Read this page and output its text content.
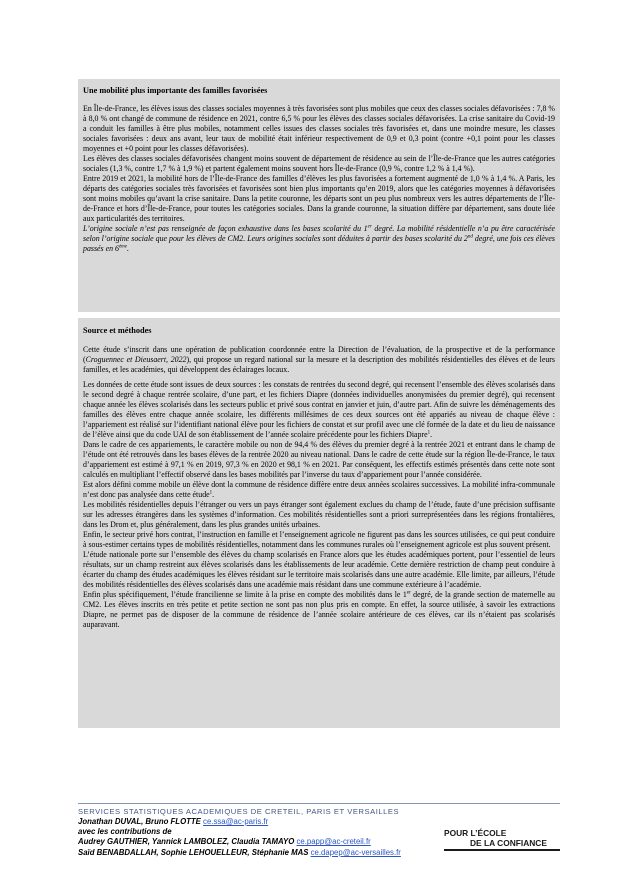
Une mobilité plus importante des familles favorisées

En Île-de-France, les élèves issus des classes sociales moyennes à très favorisées sont plus mobiles que ceux des classes sociales défavorisées : 7,8 % à 8,0 % ont changé de commune de résidence en 2021, contre 6,5 % pour les élèves des classes sociales défavorisées. La crise sanitaire du Covid-19 a conduit les familles à être plus mobiles, notamment celles issues des classes sociales très favorisées et, dans une moindre mesure, les classes sociales favorisées : deux ans avant, leur taux de mobilité était inférieur respectivement de 0,9 et 0,3 point (contre +0,1 point pour les classes moyennes et +0 point pour les classes défavorisées).

Les élèves des classes sociales défavorisées changent moins souvent de département de résidence au sein de l’Île-de-France que les autres catégories sociales (1,3 %, contre 1,7 % à 1,9 %) et partent également moins souvent hors Île-de-France (0,9 %, contre 1,2 % à 1,4 %).

Entre 2019 et 2021, la mobilité hors de l’Île-de-France des familles d’élèves les plus favorisées a fortement augmenté de 1,0 % à 1,4 %. A Paris, les départs des catégories sociales très favorisées et favorisées sont bien plus importants qu’en 2019, alors que les catégories moyennes à défavorisées sont moins mobiles qu’avant la crise sanitaire. Dans la petite couronne, les départs sont un peu plus nombreux vers les autres départements de l’Île-de-France et hors d’Île-de-France, pour toutes les catégories sociales. Dans la grande couronne, la situation diffère par département, sans doute liée aux particularités des territoires.

L’origine sociale n’est pas renseignée de façon exhaustive dans les bases scolarité du 1er degré. La mobilité résidentielle n’a pu être caractérisée selon l’origine sociale que pour les élèves de CM2. Leurs origines sociales sont déduites à partir des bases scolarité du 2nd degré, une fois ces élèves passés en 6ème.

Source et méthodes

Cette étude s’inscrit dans une opération de publication coordonnée entre la Direction de l’évaluation, de la prospective et de la performance (Croguennec et Dieusaert, 2022), qui propose un regard national sur la mesure et la description des mobilités résidentielles des élèves et de leurs familles, et les académies, qui développent des éclairages locaux.

Les données de cette étude sont issues de deux sources : les constats de rentrées du second degré, qui recensent l’ensemble des élèves scolarisés dans le second degré à chaque rentrée scolaire, d’une part, et les fichiers Diapre (données individuelles anonymisées du premier degré), qui recensent chaque année les élèves scolarisés dans les secteurs public et privé sous contrat en janvier et juin, d’autre part. Afin de suivre les déménagements des familles des élèves entre chaque année scolaire, les différents millésimes de ces deux sources ont été appariés au niveau de chaque élève : l’appariement est réalisé sur l’identifiant national élève pour les fichiers de constat et sur profil avec une clé formée de la date et du lieu de naissance de l’élève ainsi que du code UAI de son établissement de l’année scolaire précédente pour les fichiers Diapre$^1$.

Dans le cadre de ces appariements, le caractère mobile ou non de 94,4 % des élèves du premier degré à la rentrée 2021 et entrant dans le champ de l’étude ont été retrouvés dans les bases élèves de la rentrée 2020 au niveau national. Dans le cadre de cette étude sur la région Île-de-France, le taux d’appariement est estimé à 97,1 % en 2019, 97,3 % en 2020 et 98,1 % en 2021. Par conséquent, les effectifs estimés présentés dans cette note sont calculés en multipliant l’effectif observé dans les bases mobilités par l’inverse du taux d’appariement pour l’année considérée.

Est alors défini comme mobile un élève dont la commune de résidence diffère entre deux années scolaires successives. La mobilité infra-communale n’est donc pas analysée dans cette étude$^1$.

Les mobilités résidentielles depuis l’étranger ou vers un pays étranger sont également exclues du champ de l’étude, faute d’une précision suffisante sur les adresses étrangères dans les systèmes d’information. Ces mobilités résidentielles sont a priori surreprésentées dans les régions frontalières, dans les Drom et, plus généralement, dans les plus grandes unités urbaines.

Enfin, le secteur privé hors contrat, l’instruction en famille et l’enseignement agricole ne figurent pas dans les sources utilisées, ce qui peut conduire à sous-estimer certains types de mobilités résidentielles, notamment dans les communes rurales où l’enseignement agricole est plus souvent présent.

L’étude nationale porte sur l’ensemble des élèves du champ scolarisés en France alors que les études académiques portent, pour l’essentiel de leurs résultats, sur un champ restreint aux élèves scolarisés dans les établissements de leur académie. Cette dernière restriction de champ peut conduire à écarter du champ des études académiques les élèves résidant sur le territoire mais scolarisés dans une autre académie. Elle limite, par ailleurs, l’étude des mobilités résidentielles des élèves scolarisés dans une académie mais résidant dans une commune extérieure à l’académie.

Enfin plus spécifiquement, l’étude francilienne se limite à la prise en compte des mobilités dans le 1er degré, de la grande section de maternelle au CM2. Les élèves inscrits en très petite et petite section ne sont pas non plus pris en compte. En effet, la source utilisée, à savoir les extractions Diapre, ne permet pas de disposer de la commune de résidence de l’année scolaire antérieure de ces élèves, car ils n’étaient pas scolarisés auparavant.

SERVICES STATISTIQUES ACADEMIQUES DE CRETEIL, PARIS ET VERSAILLES
Jonathan DUVAL, Bruno FLOTTE ce.ssa@ac-paris.fr
avec les contributions de
Audrey GAUTHIER, Yannick LAMBOLEZ, Claudia TAMAYO ce.papp@ac-creteil.fr
Saïd BENABDALLAH, Sophie LEHOUELLEUR, Stéphanie MAS ce.dapep@ac-versailles.fr
POUR L’ÉCOLE
DE LA CONFIANCE
